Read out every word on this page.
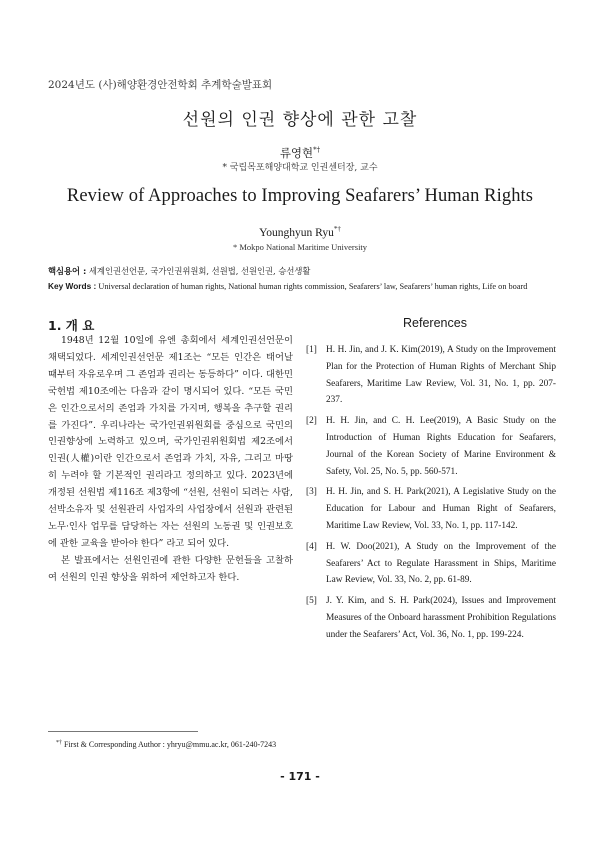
2024년도 (사)해양환경안전학회 추계학술발표회
선원의 인권 향상에 관한 고찰
류영현*†
* 국립목포해양대학교 인권센터장, 교수
Review of Approaches to Improving Seafarers’ Human Rights
Younghyun Ryu*†
* Mokpo National Maritime University
핵심용어 : 세계인권선언문, 국가인권위원회, 선원법, 선원인권, 승선생활
Key Words : Universal declaration of human rights, National human rights commission, Seafarers’ law, Seafarers’ human rights, Life on board
1. 개 요

1948년 12월 10일에 유엔 총회에서 세계인권선언문이 채택되었다. 세계인권선언문 제1조는 “모든 인간은 태어날 때부터 자유로우며 그 존엄과 권리는 동등하다” 이다. 대한민국헌법 제10조에는 다음과 같이 명시되어 있다. “모든 국민은 인간으로서의 존엄과 가치를 가지며, 행복을 추구할 권리를 가진다”. 우리나라는 국가인권위원회를 중심으로 국민의 인권향상에 노력하고 있으며, 국가인권위원회법 제2조에서 인권(人權)이란 인간으로서 존엄과 가치, 자유, 그리고 마땅히 누려야 할 기본적인 권리라고 정의하고 있다. 2023년에 개정된 선원법 제116조 제3항에 “선원, 선원이 되려는 사람, 선박소유자 및 선원관리 사업자의 사업장에서 선원과 관련된 노무·인사 업무를 담당하는 자는 선원의 노동권 및 인권보호에 관한 교육을 받아야 한다” 라고 되어 있다.

본 발표에서는 선원인권에 관한 다양한 문헌들을 고찰하여 선원의 인권 향상을 위하여 제언하고자 한다.

References
[1] H. H. Jin, and J. K. Kim(2019), A Study on the Improvement Plan for the Protection of Human Rights of Merchant Ship Seafarers, Maritime Law Review, Vol. 31, No. 1, pp. 207-237.
[2] H. H. Jin, and C. H. Lee(2019), A Basic Study on the Introduction of Human Rights Education for Seafarers, Journal of the Korean Society of Marine Environment & Safety, Vol. 25, No. 5, pp. 560-571.
[3] H. H. Jin, and S. H. Park(2021), A Legislative Study on the Education for Labour and Human Right of Seafarers, Maritime Law Review, Vol. 33, No. 1, pp. 117-142.
[4] H. W. Doo(2021), A Study on the Improvement of the Seafarers’ Act to Regulate Harassment in Ships, Maritime Law Review, Vol. 33, No. 2, pp. 61-89.
[5] J. Y. Kim, and S. H. Park(2024), Issues and Improvement Measures of the Onboard harassment Prohibition Regulations under the Seafarers’ Act, Vol. 36, No. 1, pp. 199-224.
*† First & Corresponding Author : yhryu@mmu.ac.kr, 061-240-7243
- 171 -
